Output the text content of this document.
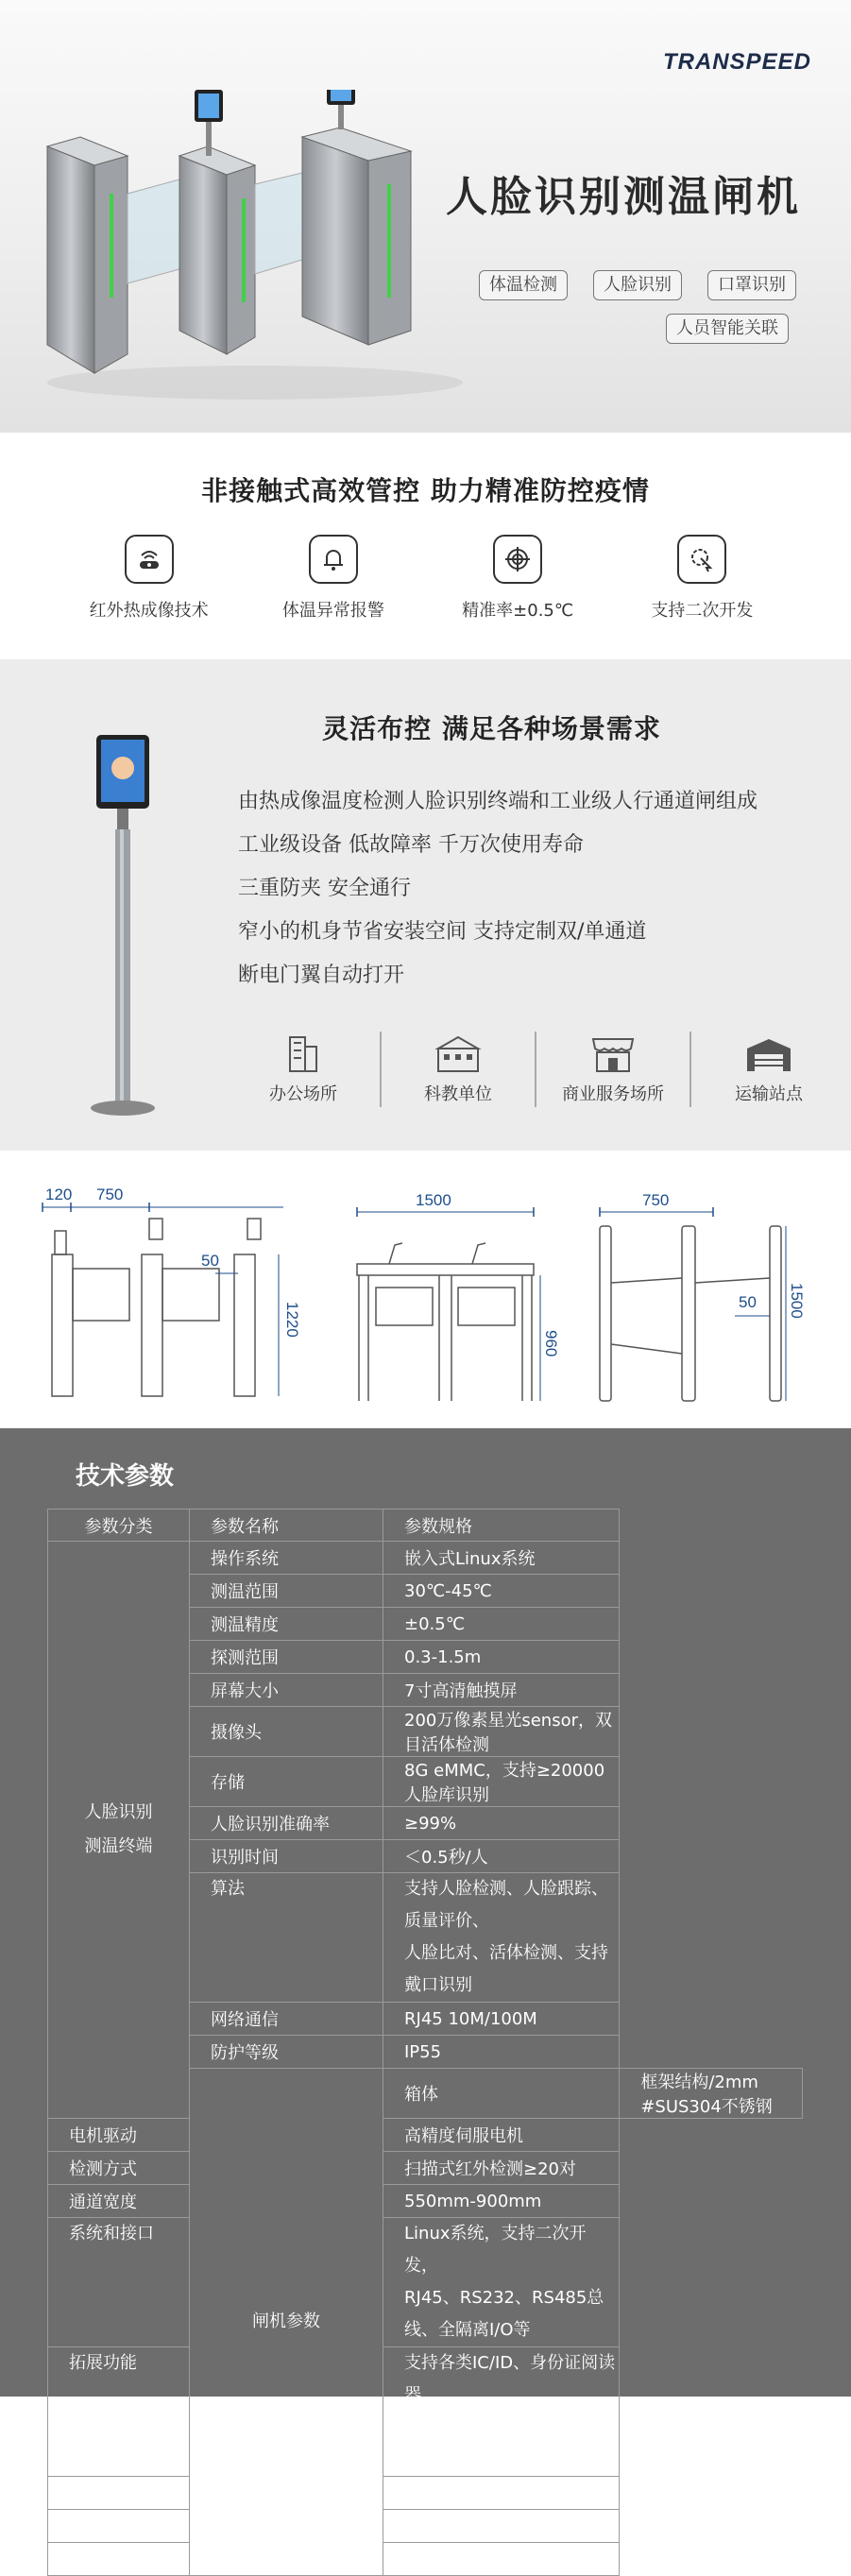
TRANSPEED
人脸识别测温闸机
体温检测	人脸识别	口罩识别
人员智能关联
非接触式高效管控 助力精准防控疫情
红外热成像技术	体温异常报警	精准率±0.5℃	支持二次开发
灵活布控 满足各种场景需求

由热成像温度检测人脸识别终端和工业级人行通道闸组成

工业级设备 低故障率 千万次使用寿命

三重防夹 安全通行

窄小的机身节省安装空间 支持定制双/单通道

断电门翼自动打开

办公场所	科教单位	商业服务场所	运输站点
120 750
50
1220
1500
960
750
50 1500
技术参数
参数分类	参数名称	参数规格	
人脸识别
测温终端	操作系统	嵌入式Linux系统	
	测温范围	30℃-45℃	
	测温精度	±0.5℃	
	探测范围	0.3-1.5m	
	屏幕大小	7寸高清触摸屏	
	摄像头	200万像素星光sensor，双目活体检测	
	存储	8G eMMC，支持≥20000人脸库识别	
	人脸识别准确率	≥99%	
	识别时间	＜0.5秒/人	
	算法	支持人脸检测、人脸跟踪、质量评价、
人脸比对、活体检测、支持戴口识别	
	网络通信	RJ45 10M/100M	
	防护等级	IP55	
	闸机参数	箱体	框架结构/2mm #SUS304不锈钢
电机驱动		高精度伺服电机	
检测方式		扫描式红外检测≥20对	
通道宽度		550mm-900mm	
系统和接口		Linux系统，支持二次开发，
RJ45、RS232、RS485总线、全隔离I/O等	
拓展功能		支持各类IC/ID、身份证阅读器、
人脸识别、指纹、二维码等外设接入	
使用寿命		≥1000万次	
电源输入		AC220V±10% 50HZ	
防护等级		IP54，室内或室外有雨棚	
